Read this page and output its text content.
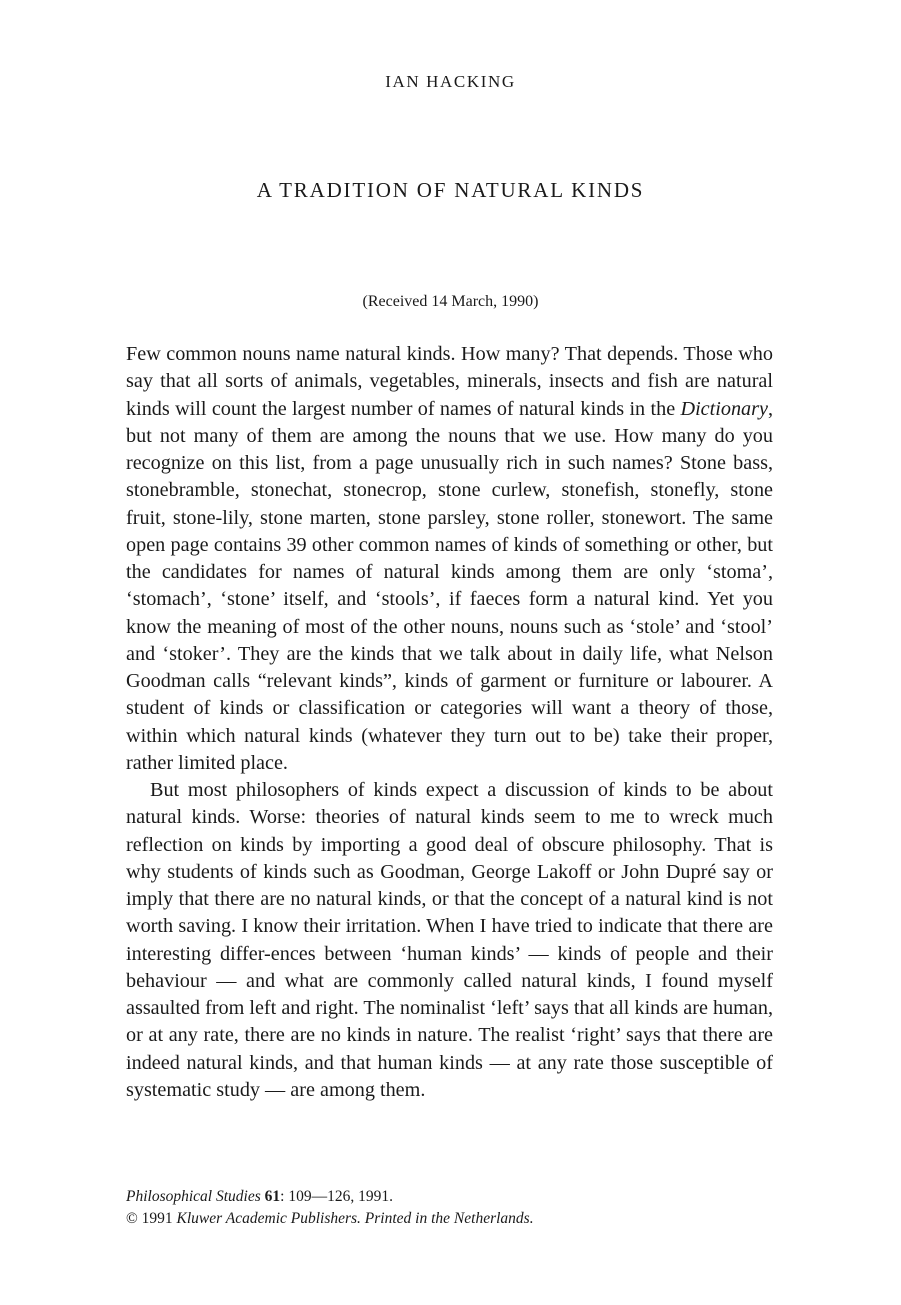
IAN HACKING
A TRADITION OF NATURAL KINDS
(Received 14 March, 1990)

Few common nouns name natural kinds. How many? That depends. Those who say that all sorts of animals, vegetables, minerals, insects and fish are natural kinds will count the largest number of names of natural kinds in the Dictionary, but not many of them are among the nouns that we use. How many do you recognize on this list, from a page unusually rich in such names? Stone bass, stonebramble, stonechat, stonecrop, stone curlew, stonefish, stonefly, stone fruit, stone-lily, stone marten, stone parsley, stone roller, stonewort. The same open page contains 39 other common names of kinds of something or other, but the candidates for names of natural kinds among them are only ‘stoma’, ‘stomach’, ‘stone’ itself, and ‘stools’, if faeces form a natural kind. Yet you know the meaning of most of the other nouns, nouns such as ‘stole’ and ‘stool’ and ‘stoker’. They are the kinds that we talk about in daily life, what Nelson Goodman calls “relevant kinds”, kinds of garment or furniture or labourer. A student of kinds or classification or categories will want a theory of those, within which natural kinds (whatever they turn out to be) take their proper, rather limited place.

But most philosophers of kinds expect a discussion of kinds to be about natural kinds. Worse: theories of natural kinds seem to me to wreck much reflection on kinds by importing a good deal of obscure philosophy. That is why students of kinds such as Goodman, George Lakoff or John Dupré say or imply that there are no natural kinds, or that the concept of a natural kind is not worth saving. I know their irritation. When I have tried to indicate that there are interesting differ-ences between ‘human kinds’ — kinds of people and their behaviour — and what are commonly called natural kinds, I found myself assaulted from left and right. The nominalist ‘left’ says that all kinds are human, or at any rate, there are no kinds in nature. The realist ‘right’ says that there are indeed natural kinds, and that human kinds — at any rate those susceptible of systematic study — are among them.

Philosophical Studies 61: 109—126, 1991.
© 1991 Kluwer Academic Publishers. Printed in the Netherlands.
